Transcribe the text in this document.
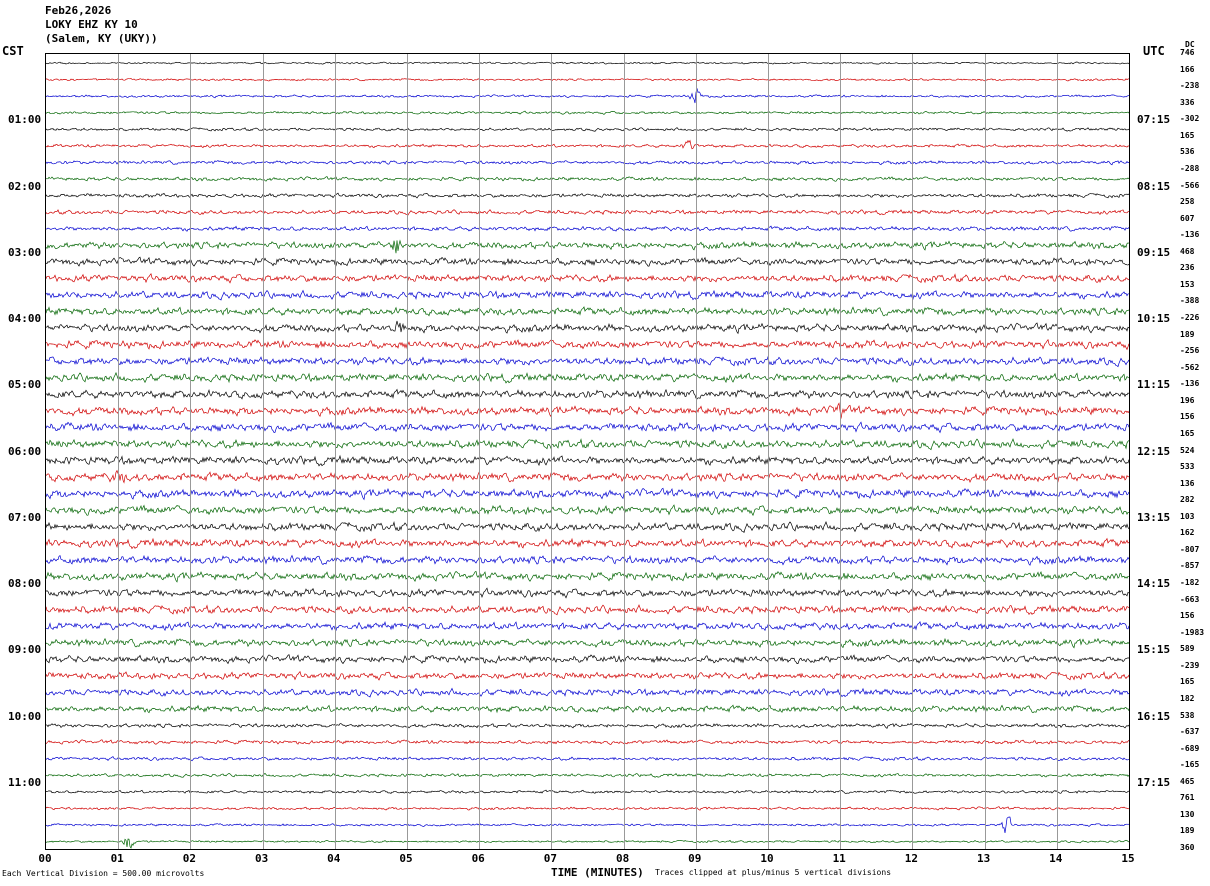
Feb26,2026
LOKY EHZ KY 10
(Salem, KY (UKY))
CST	UTC	DC
01:00
02:00
03:00
04:00
05:00
06:00
07:00
08:00
09:00
10:00
11:00
07:15
08:15
09:15
10:15
11:15
12:15
13:15
14:15
15:15
16:15
17:15
746
166
-238
336
-302
165
536
-288
-566
258
607
-136
468
236
153
-388
-226
189
-256
-562
-136
196
156
165
524
533
136
282
103
162
-807
-857
-182
-663
156
-1983
589
-239
165
182
538
-637
-689
-165
465
761
130
189
360
00	01	02	03	04	05	06	07	08	09	10	11	12	13	14	15
TIME (MINUTES)
Each Vertical Division = 500.00 microvolts	Traces clipped at plus/minus 5 vertical divisions
